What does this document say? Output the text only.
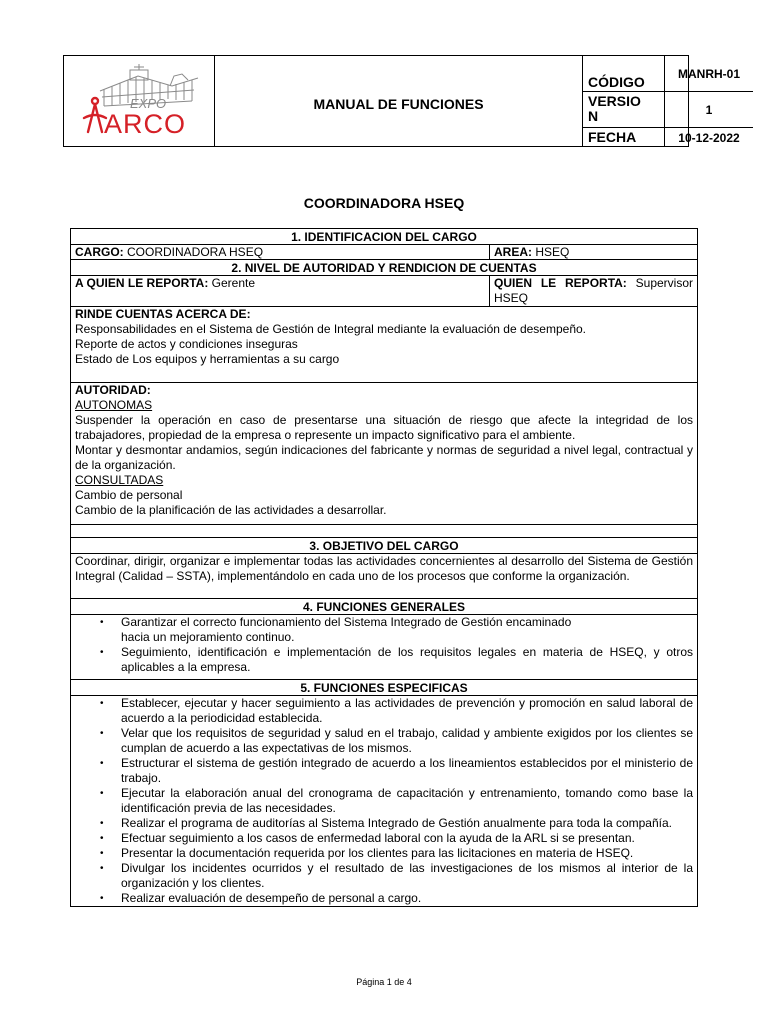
EXPO
ARCO
MANUAL DE FUNCIONES
CÓDIGO
VERSIO N
FECHA
MANRH-01
1
10-12-2022
COORDINADORA HSEQ
1. IDENTIFICACION DEL CARGO
CARGO: COORDINADORA HSEQ	AREA: HSEQ
2. NIVEL DE AUTORIDAD Y RENDICION DE CUENTAS
A QUIEN LE REPORTA: Gerente	QUIEN LE REPORTA: Supervisor HSEQ
RINDE CUENTAS ACERCA DE:
Responsabilidades en el Sistema de Gestión de Integral mediante la evaluación de desempeño.
Reporte de actos y condiciones inseguras
Estado de Los equipos y herramientas a su cargo
AUTORIDAD:
AUTONOMAS
Suspender la operación en caso de presentarse una situación de riesgo que afecte la integridad de los trabajadores, propiedad de la empresa o represente un impacto significativo para el ambiente.
Montar y desmontar andamios, según indicaciones del fabricante y normas de seguridad a nivel legal, contractual y de la organización.
CONSULTADAS
Cambio de personal
Cambio de la planificación de las actividades a desarrollar.
3. OBJETIVO DEL CARGO
Coordinar, dirigir, organizar e implementar todas las actividades concernientes al desarrollo del Sistema de Gestión Integral (Calidad – SSTA), implementándolo en cada uno de los procesos que conforme la organización.
4. FUNCIONES GENERALES
• Garantizar el correcto funcionamiento del Sistema Integrado de Gestión encaminado hacia un mejoramiento continuo.
• Seguimiento, identificación e implementación de los requisitos legales en materia de HSEQ, y otros aplicables a la empresa.
5. FUNCIONES ESPECIFICAS
• Establecer, ejecutar y hacer seguimiento a las actividades de prevención y promoción en salud laboral de acuerdo a la periodicidad establecida.
• Velar que los requisitos de seguridad y salud en el trabajo, calidad y ambiente exigidos por los clientes se cumplan de acuerdo a las expectativas de los mismos.
• Estructurar el sistema de gestión integrado de acuerdo a los lineamientos establecidos por el ministerio de trabajo.
• Ejecutar la elaboración anual del cronograma de capacitación y entrenamiento, tomando como base la identificación previa de las necesidades.
• Realizar el programa de auditorías al Sistema Integrado de Gestión anualmente para toda la compañía.
• Efectuar seguimiento a los casos de enfermedad laboral con la ayuda de la ARL si se presentan.
• Presentar la documentación requerida por los clientes para las licitaciones en materia de HSEQ.
• Divulgar los incidentes ocurridos y el resultado de las investigaciones de los mismos al interior de la organización y los clientes.
• Realizar evaluación de desempeño de personal a cargo.
Página 1 de 4
